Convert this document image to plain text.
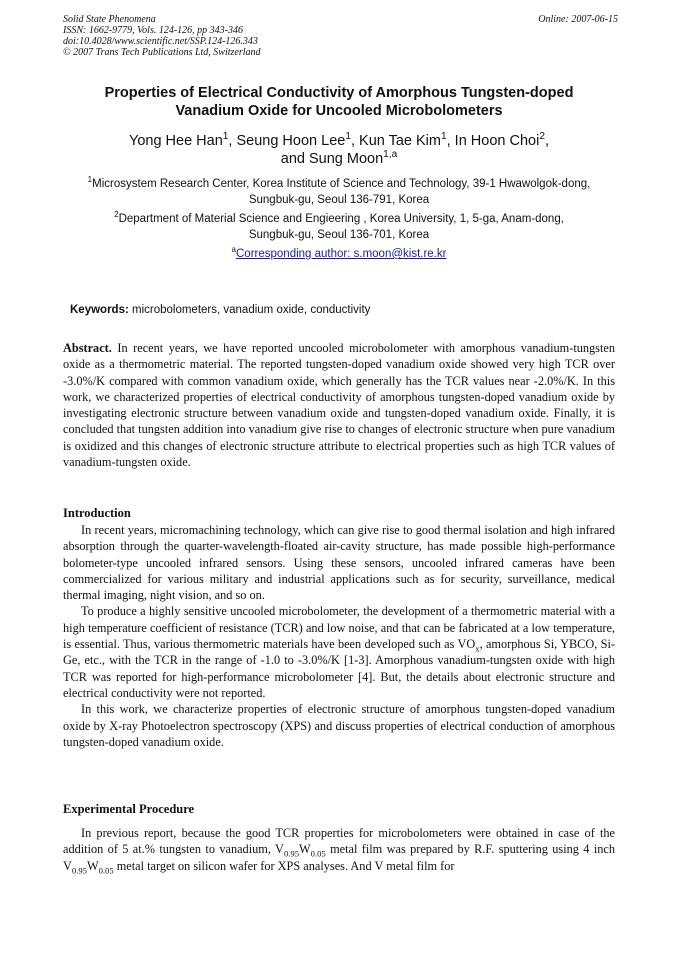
Solid State Phenomena
ISSN: 1662-9779, Vols. 124-126, pp 343-346
doi:10.4028/www.scientific.net/SSP.124-126.343
© 2007 Trans Tech Publications Ltd, Switzerland
Online: 2007-06-15
Properties of Electrical Conductivity of Amorphous Tungsten-doped
Vanadium Oxide for Uncooled Microbolometers
Yong Hee Han$^1$, Seung Hoon Lee$^1$, Kun Tae Kim$^1$, In Hoon Choi$^2$,
and Sung Moon$^{1,a}$
$^1$Microsystem Research Center, Korea Institute of Science and Technology, 39-1 Hwawolgok-dong,
Sungbuk-gu, Seoul 136-791, Korea
$^2$Department of Material Science and Engieering , Korea University, 1, 5-ga, Anam-dong,
Sungbuk-gu, Seoul 136-701, Korea
$^a$Corresponding author: s.moon@kist.re.kr
Keywords: microbolometers, vanadium oxide, conductivity

Abstract. In recent years, we have reported uncooled microbolometer with amorphous vanadium-tungsten oxide as a thermometric material. The reported tungsten-doped vanadium oxide showed very high TCR over -3.0%/K compared with common vanadium oxide, which generally has the TCR values near -2.0%/K. In this work, we characterized properties of electrical conductivity of amorphous tungsten-doped vanadium oxide by investigating electronic structure between vanadium oxide and tungsten-doped vanadium oxide. Finally, it is concluded that tungsten addition into vanadium give rise to changes of electronic structure when pure vanadium is oxidized and this changes of electronic structure attribute to electrical properties such as high TCR values of vanadium-tungsten oxide.

Introduction

In recent years, micromachining technology, which can give rise to good thermal isolation and high infrared absorption through the quarter-wavelength-floated air-cavity structure, has made possible high-performance bolometer-type uncooled infrared sensors. Using these sensors, uncooled infrared cameras have been commercialized for various military and industrial applications such as for security, surveillance, medical thermal imaging, night vision, and so on.

To produce a highly sensitive uncooled microbolometer, the development of a thermometric material with a high temperature coefficient of resistance (TCR) and low noise, and that can be fabricated at a low temperature, is essential. Thus, various thermometric materials have been developed such as $VO_x$, amorphous Si, YBCO, Si-Ge, etc., with the TCR in the range of -1.0 to -3.0%/K [1-3]. Amorphous vanadium-tungsten oxide with high TCR was reported for high-performance microbolometer [4]. But, the details about electronic structure and electrical conductivity were not reported.

In this work, we characterize properties of electronic structure of amorphous tungsten-doped vanadium oxide by X-ray Photoelectron spectroscopy (XPS) and discuss properties of electrical conduction of amorphous tungsten-doped vanadium oxide.

Experimental Procedure

In previous report, because the good TCR properties for microbolometers were obtained in case of the addition of 5 at.% tungsten to vanadium, $V_{0.95}W_{0.05}$ metal film was prepared by R.F. sputtering using 4 inch $V_{0.95}W_{0.05}$ metal target on silicon wafer for XPS analyses. And V metal film for
